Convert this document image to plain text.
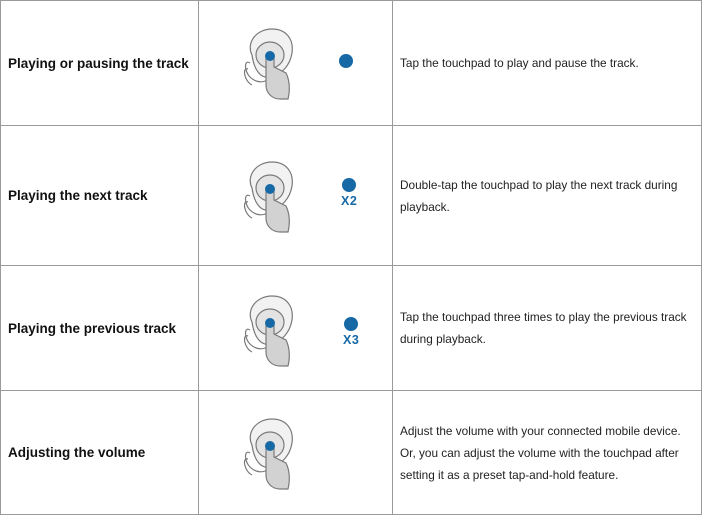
Playing or pausing the track		Tap the touchpad to play and pause the track.

Playing the next track	X2	Double-tap the touchpad to play the next track during
playback.

Playing the previous track	X3	Tap the touchpad three times to play the previous track
during playback.

Adjusting the volume		Adjust the volume with your connected mobile device.
Or, you can adjust the volume with the touchpad after
setting it as a preset tap-and-hold feature.
